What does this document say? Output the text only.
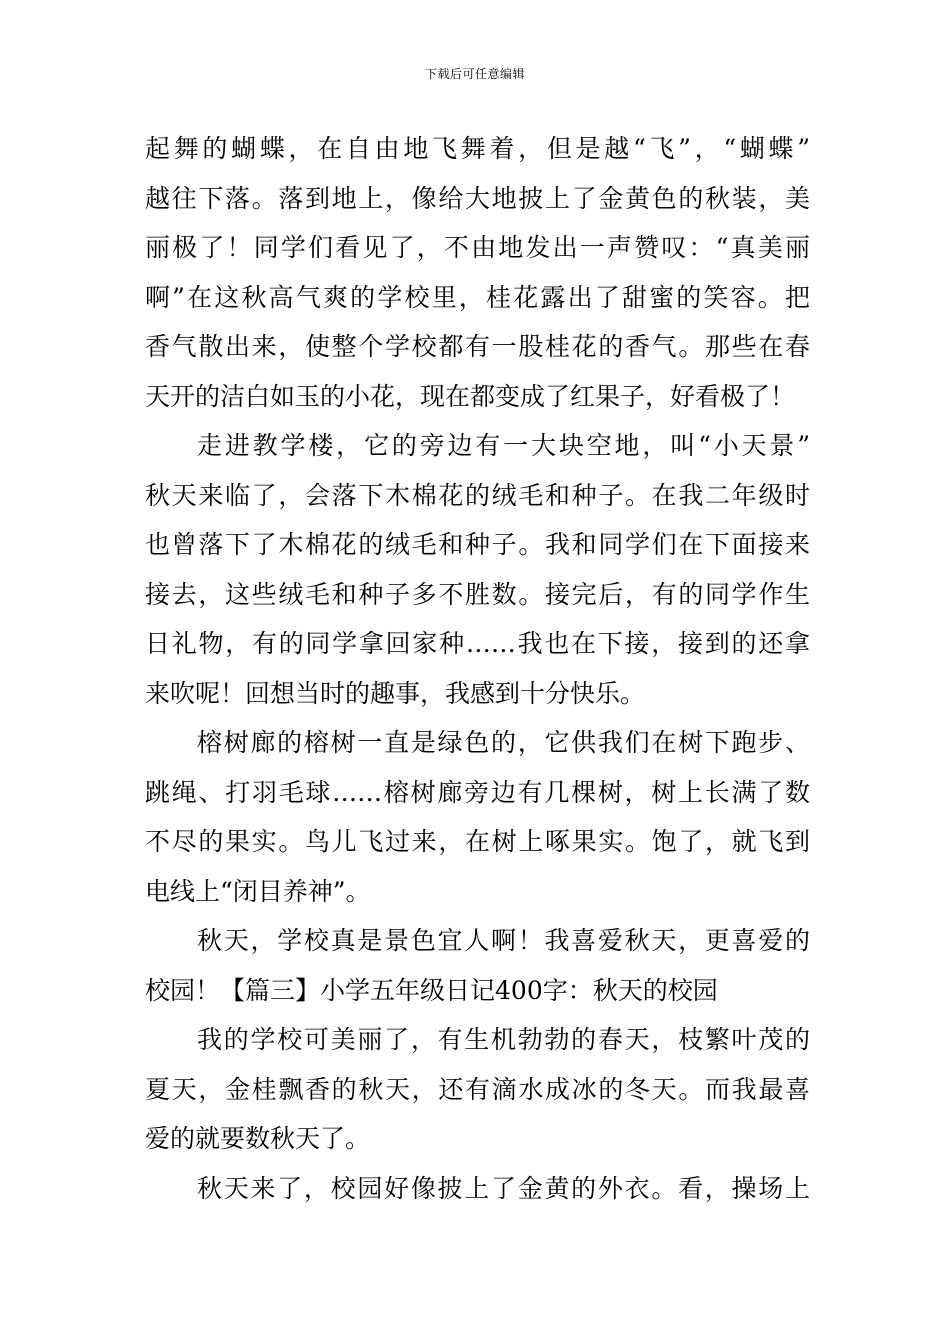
下载后可任意编辑
起舞的蝴蝶，在自由地飞舞着，但是越“飞”，“蝴蝶”
越往下落。落到地上，像给大地披上了金黄色的秋装，美
丽极了！同学们看见了，不由地发出一声赞叹：“真美丽
啊”在这秋高气爽的学校里，桂花露出了甜蜜的笑容。把
香气散出来，使整个学校都有一股桂花的香气。那些在春
天开的洁白如玉的小花，现在都变成了红果子，好看极了！
走进教学楼，它的旁边有一大块空地，叫“小天景”
秋天来临了，会落下木棉花的绒毛和种子。在我二年级时
也曾落下了木棉花的绒毛和种子。我和同学们在下面接来
接去，这些绒毛和种子多不胜数。接完后，有的同学作生
日礼物，有的同学拿回家种……我也在下接，接到的还拿
来吹呢！回想当时的趣事，我感到十分快乐。
榕树廊的榕树一直是绿色的，它供我们在树下跑步、
跳绳、打羽毛球……榕树廊旁边有几棵树，树上长满了数
不尽的果实。鸟儿飞过来，在树上啄果实。饱了，就飞到
电线上“闭目养神”。
秋天，学校真是景色宜人啊！我喜爱秋天，更喜爱的
校园！【篇三】小学五年级日记400字：秋天的校园
我的学校可美丽了，有生机勃勃的春天，枝繁叶茂的
夏天，金桂飘香的秋天，还有滴水成冰的冬天。而我最喜
爱的就要数秋天了。
秋天来了，校园好像披上了金黄的外衣。看，操场上
